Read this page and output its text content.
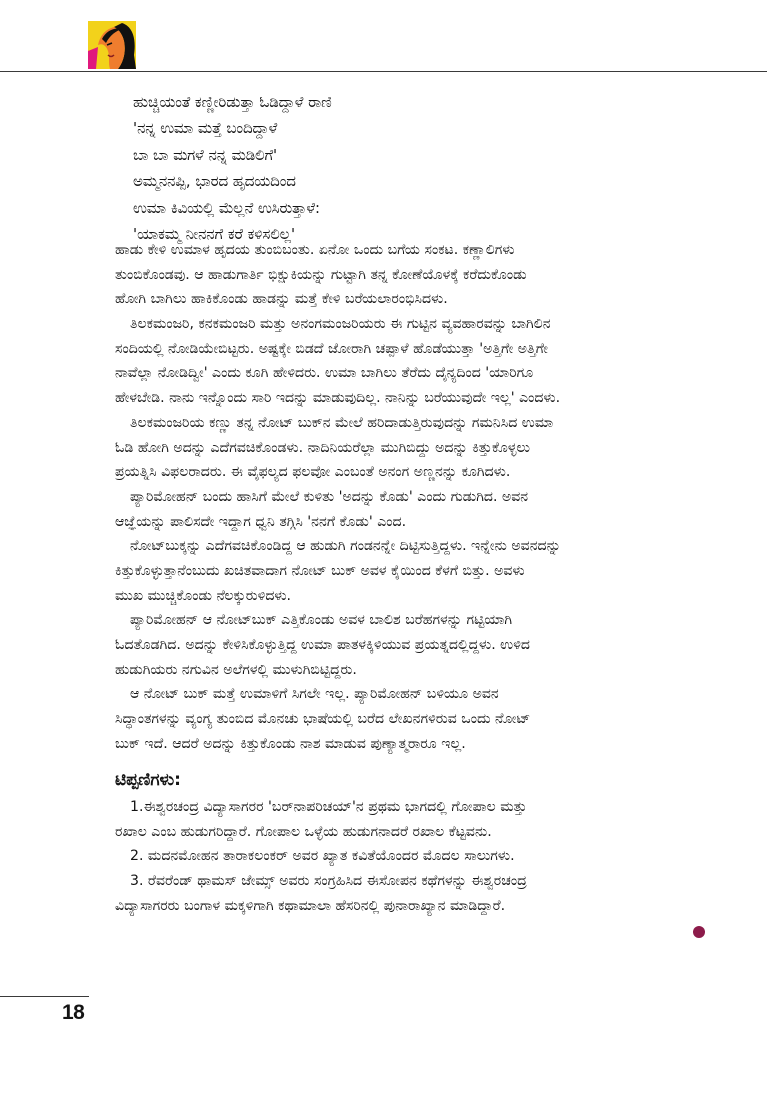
ಹುಚ್ಚಿಯಂತೆ ಕಣ್ಣೀರಿಡುತ್ತಾ ಓಡಿದ್ದಾಳೆ ರಾಣಿ
'ನನ್ನ ಉಮಾ ಮತ್ತೆ ಬಂದಿದ್ದಾಳೆ
ಬಾ ಬಾ ಮಗಳೆ ನನ್ನ ಮಡಿಲಿಗೆ'
ಅಮ್ಮನನಪ್ಪಿ, ಭಾರದ ಹೃದಯದಿಂದ
ಉಮಾ ಕಿವಿಯಲ್ಲಿ ಮೆಲ್ಲನೆ ಉಸಿರುತ್ತಾಳೆ:
'ಯಾಕಮ್ಮ ನೀನನಗೆ ಕರೆ ಕಳಿಸಲಿಲ್ಲ'
ಹಾಡು ಕೇಳಿ ಉಮಾಳ ಹೃದಯ ತುಂಬಿಬಂತು. ಏನೋ ಒಂದು ಬಗೆಯ ಸಂಕಟ. ಕಣ್ಣಾಲಿಗಳು
ತುಂಬಿಕೊಂಡವು. ಆ ಹಾಡುಗಾರ್ತಿ ಭಿಕ್ಷುಕಿಯನ್ನು ಗುಟ್ಟಾಗಿ ತನ್ನ ಕೋಣೆಯೊಳಕ್ಕೆ ಕರೆದುಕೊಂಡು
ಹೋಗಿ ಬಾಗಿಲು ಹಾಕಿಕೊಂಡು ಹಾಡನ್ನು ಮತ್ತೆ ಕೇಳಿ ಬರೆಯಲಾರಂಭಿಸಿದಳು.
ತಿಲಕಮಂಜರಿ, ಕನಕಮಂಜರಿ ಮತ್ತು ಅನಂಗಮಂಜರಿಯರು ಈ ಗುಟ್ಟಿನ ವ್ಯವಹಾರವನ್ನು ಬಾಗಿಲಿನ
ಸಂದಿಯಲ್ಲಿ ನೋಡಿಯೇಬಿಟ್ಟರು. ಅಷ್ಟಕ್ಕೇ ಬಿಡದೆ ಜೋರಾಗಿ ಚಪ್ಪಾಳೆ ಹೊಡೆಯುತ್ತಾ 'ಅತ್ತಿಗೇ ಅತ್ತಿಗೇ
ನಾವೆಲ್ಲಾ ನೋಡಿದ್ವೀ' ಎಂದು ಕೂಗಿ ಹೇಳಿದರು. ಉಮಾ ಬಾಗಿಲು ತೆರೆದು ದೈನ್ಯದಿಂದ 'ಯಾರಿಗೂ
ಹೇಳಬೇಡಿ. ನಾನು ಇನ್ನೊಂದು ಸಾರಿ ಇದನ್ನು ಮಾಡುವುದಿಲ್ಲ. ನಾನಿನ್ನು ಬರೆಯುವುದೇ ಇಲ್ಲ' ಎಂದಳು.
ತಿಲಕಮಂಜರಿಯ ಕಣ್ಣು ತನ್ನ ನೋಟ್ ಬುಕ್‌ನ ಮೇಲೆ ಹರಿದಾಡುತ್ತಿರುವುದನ್ನು ಗಮನಿಸಿದ ಉಮಾ
ಓಡಿ ಹೋಗಿ ಅದನ್ನು ಎದೆಗವಚಿಕೊಂಡಳು. ನಾದಿನಿಯರೆಲ್ಲಾ ಮುಗಿಬಿದ್ದು ಅದನ್ನು ಕಿತ್ತುಕೊಳ್ಳಲು
ಪ್ರಯತ್ನಿಸಿ ವಿಫಲರಾದರು. ಈ ವೈಫಲ್ಯದ ಫಲವೋ ಎಂಬಂತೆ ಅನಂಗ ಅಣ್ಣನನ್ನು ಕೂಗಿದಳು.
ಪ್ಯಾರಿಮೋಹನ್ ಬಂದು ಹಾಸಿಗೆ ಮೇಲೆ ಕುಳಿತು 'ಅದನ್ನು ಕೊಡು' ಎಂದು ಗುಡುಗಿದ. ಅವನ
ಆಜ್ಞೆಯನ್ನು ಪಾಲಿಸದೇ ಇದ್ದಾಗ ಧ್ವನಿ ತಗ್ಗಿಸಿ 'ನನಗೆ ಕೊಡು' ಎಂದ.
ನೋಟ್‌ಬುಕ್ಕನ್ನು ಎದೆಗವಚಿಕೊಂಡಿದ್ದ ಆ ಹುಡುಗಿ ಗಂಡನನ್ನೇ ದಿಟ್ಟಿಸುತ್ತಿದ್ದಳು. ಇನ್ನೇನು ಅವನದನ್ನು
ಕಿತ್ತುಕೊಳ್ಳುತ್ತಾನೆಂಬುದು ಖಚಿತವಾದಾಗ ನೋಟ್ ಬುಕ್ ಅವಳ ಕೈಯಿಂದ ಕೆಳಗೆ ಬಿತ್ತು. ಅವಳು
ಮುಖ ಮುಚ್ಚಿಕೊಂಡು ನೆಲಕ್ಕುರುಳಿದಳು.
ಪ್ಯಾರಿಮೋಹನ್ ಆ ನೋಟ್‌ಬುಕ್ ಎತ್ತಿಕೊಂಡು ಅವಳ ಬಾಲಿಶ ಬರೆಹಗಳನ್ನು ಗಟ್ಟಿಯಾಗಿ
ಓದತೊಡಗಿದ. ಅದನ್ನು ಕೇಳಿಸಿಕೊಳ್ಳುತ್ತಿದ್ದ ಉಮಾ ಪಾತಳಕ್ಕಿಳಿಯುವ ಪ್ರಯತ್ನದಲ್ಲಿದ್ದಳು. ಉಳಿದ
ಹುಡುಗಿಯರು ನಗುವಿನ ಅಲೆಗಳಲ್ಲಿ ಮುಳುಗಿಬಿಟ್ಟಿದ್ದರು.
ಆ ನೋಟ್ ಬುಕ್ ಮತ್ತೆ ಉಮಾಳಿಗೆ ಸಿಗಲೇ ಇಲ್ಲ. ಪ್ಯಾರಿಮೋಹನ್ ಬಳಿಯೂ ಅವನ
ಸಿದ್ಧಾಂತಗಳನ್ನು ವ್ಯಂಗ್ಯ ತುಂಬಿದ ಮೊನಚು ಭಾಷೆಯಲ್ಲಿ ಬರೆದ ಲೇಖನಗಳಿರುವ ಒಂದು ನೋಟ್
ಬುಕ್ ಇದೆ. ಆದರೆ ಅದನ್ನು ಕಿತ್ತುಕೊಂಡು ನಾಶ ಮಾಡುವ ಪುಣ್ಯಾತ್ಮರಾರೂ ಇಲ್ಲ.
ಟಿಪ್ಪಣಿಗಳು:
1.ಈಶ್ವರಚಂದ್ರ ವಿದ್ಯಾಸಾಗರರ 'ಬರ್‌ನಾಪರಿಚಯ್'ನ ಪ್ರಥಮ ಭಾಗದಲ್ಲಿ ಗೋಪಾಲ ಮತ್ತು
ರಖಾಲ ಎಂಬ ಹುಡುಗರಿದ್ದಾರೆ. ಗೋಪಾಲ ಒಳ್ಳೆಯ ಹುಡುಗನಾದರೆ ರಖಾಲ ಕೆಟ್ಟವನು.
2. ಮದನಮೋಹನ ತಾರಾಕಲಂಕರ್ ಅವರ ಖ್ಯಾತ ಕವಿತೆಯೊಂದರ ಮೊದಲ ಸಾಲುಗಳು.
3. ರೆವರೆಂಡ್ ಥಾಮಸ್ ಜೇಮ್ಸ್ ಅವರು ಸಂಗ್ರಹಿಸಿದ ಈಸೋಪನ ಕಥೆಗಳನ್ನು ಈಶ್ವರಚಂದ್ರ
ವಿದ್ಯಾಸಾಗರರು ಬಂಗಾಳ ಮಕ್ಕಳಿಗಾಗಿ ಕಥಾಮಾಲಾ ಹೆಸರಿನಲ್ಲಿ ಪುನಾರಾಖ್ಯಾನ ಮಾಡಿದ್ದಾರೆ.
18
